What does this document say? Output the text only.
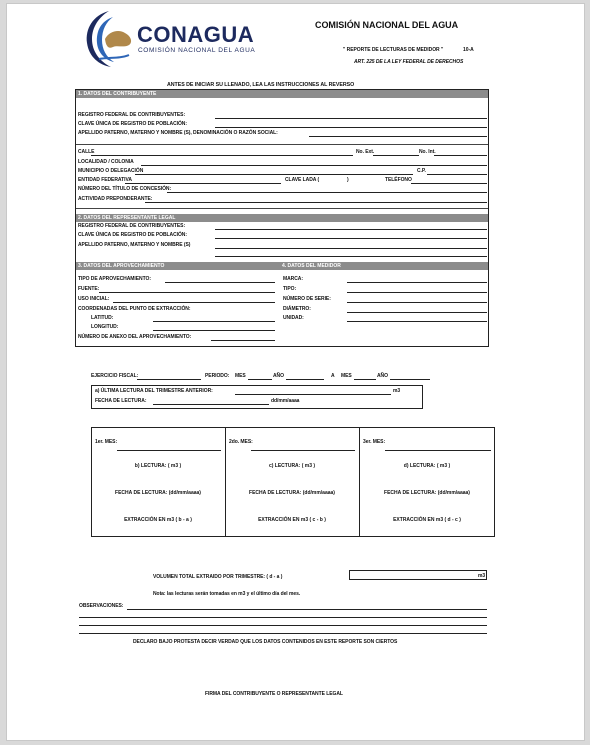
CONAGUA
COMISIÓN NACIONAL DEL AGUA
COMISIÓN NACIONAL DEL AGUA
" REPORTE DE LECTURAS DE MEDIDOR "	10-A
ART. 225 DE LA LEY FEDERAL DE DERECHOS
ANTES DE INICIAR SU LLENADO, LEA LAS INSTRUCCIONES AL REVERSO
1. DATOS DEL CONTRIBUYENTE
REGISTRO FEDERAL DE CONTRIBUYENTES:
CLAVE ÚNICA DE REGISTRO DE POBLACIÓN:
APELLIDO PATERNO, MATERNO Y NOMBRE (S), DENOMINACIÓN O RAZÓN SOCIAL:
CALLE	No. Ext.	No. Int.
LOCALIDAD / COLONIA
MUNICIPIO O DELEGACIÓN	C.P.
ENTIDAD FEDERATIVA	CLAVE LADA (	)	TELÉFONO
NÚMERO DEL TÍTULO DE CONCESIÓN:
ACTIVIDAD PREPONDERANTE:
2. DATOS DEL REPRESENTANTE LEGAL
REGISTRO FEDERAL DE CONTRIBUYENTES:
CLAVE ÚNICA DE REGISTRO DE POBLACIÓN:
APELLIDO PATERNO, MATERNO Y NOMBRE (S)
3. DATOS DEL APROVECHAMIENTO	4. DATOS DEL MEDIDOR
TIPO DE APROVECHAMIENTO:
FUENTE:
USO INICIAL:
COORDENADAS DEL PUNTO DE EXTRACCIÓN:
LATITUD:
LONGITUD:
NÚMERO DE ANEXO DEL APROVECHAMIENTO:
MARCA:
TIPO:
NÚMERO DE SERIE:
DIÁMETRO:
UNIDAD:
EJERCICIO FISCAL:	PERIODO: MES	AÑO	A MES	AÑO
a) ÚLTIMA LECTURA DEL TRIMESTRE ANTERIOR:	m3
FECHA DE LECTURA:	dd/mm/aaaa
1er. MES:
b) LECTURA: ( m3 )
FECHA DE LECTURA: (dd/mm/aaaa)
EXTRACCIÓN EN m3 ( b - a )
2do. MES:
c) LECTURA: ( m3 )
FECHA DE LECTURA: (dd/mm/aaaa)
EXTRACCIÓN EN m3 ( c - b )
3er. MES:
d) LECTURA: ( m3 )
FECHA DE LECTURA: (dd/mm/aaaa)
EXTRACCIÓN EN m3 ( d - c )
VOLUMEN TOTAL EXTRAIDO POR TRIMESTRE: ( d - a )	m3
Nota: las lecturas serán tomadas en m3 y el último día del mes.
OBSERVACIONES:
DECLARO BAJO PROTESTA DECIR VERDAD QUE LOS DATOS CONTENIDOS EN ESTE REPORTE SON CIERTOS
FIRMA DEL CONTRIBUYENTE O REPRESENTANTE LEGAL
